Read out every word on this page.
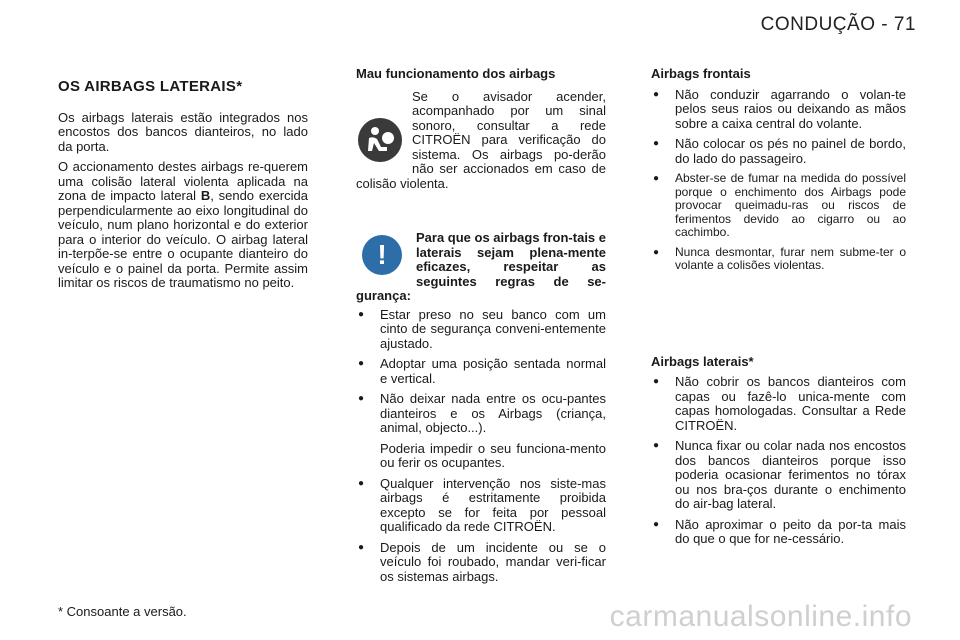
CONDUÇÃO - 71
OS AIRBAGS LATERAIS*

Os airbags laterais estão integrados nos encostos dos bancos dianteiros, no lado da porta.

O accionamento destes airbags re-querem uma colisão lateral violenta aplicada na zona de impacto lateral B, sendo exercida perpendicularmente ao eixo longitudinal do veículo, num plano horizontal e do exterior para o interior do veículo. O airbag lateral in-terpõe-se entre o ocupante dianteiro do veículo e o painel da porta. Permite assim limitar os riscos de traumatismo no peito.

Mau funcionamento dos airbags
Se o avisador acender, acompanhado por um sinal sonoro, consultar a rede CITROËN para verificação do sistema. Os airbags po-derão não ser accionados em caso de colisão violenta.
!
Para que os airbags fron-tais e laterais sejam plena-mente eficazes, respeitar as seguintes regras de se-gurança:
● Estar preso no seu banco com um cinto de segurança conveni-entemente ajustado.
● Adoptar uma posição sentada normal e vertical.
● Não deixar nada entre os ocu-pantes dianteiros e os Airbags (criança, animal, objecto...).
Poderia impedir o seu funciona-mento ou ferir os ocupantes.
● Qualquer intervenção nos siste-mas airbags é estritamente proibida excepto se for feita por pessoal qualificado da rede CITROËN.
● Depois de um incidente ou se o veículo foi roubado, mandar veri-ficar os sistemas airbags.
Airbags frontais
● Não conduzir agarrando o volan-te pelos seus raios ou deixando as mãos sobre a caixa central do volante.
● Não colocar os pés no painel de bordo, do lado do passageiro.
● Abster-se de fumar na medida do possível porque o enchimento dos Airbags pode provocar queimadu-ras ou riscos de ferimentos devido ao cigarro ou ao cachimbo.
● Nunca desmontar, furar nem subme-ter o volante a colisões violentas.
Airbags laterais*
● Não cobrir os bancos dianteiros com capas ou fazê-lo unica-mente com capas homologadas. Consultar a Rede CITROËN.
● Nunca fixar ou colar nada nos encostos dos bancos dianteiros porque isso poderia ocasionar ferimentos no tórax ou nos bra-ços durante o enchimento do air-bag lateral.
● Não aproximar o peito da por-ta mais do que o que for ne-cessário.
* Consoante a versão.	carmanualsonline.info
